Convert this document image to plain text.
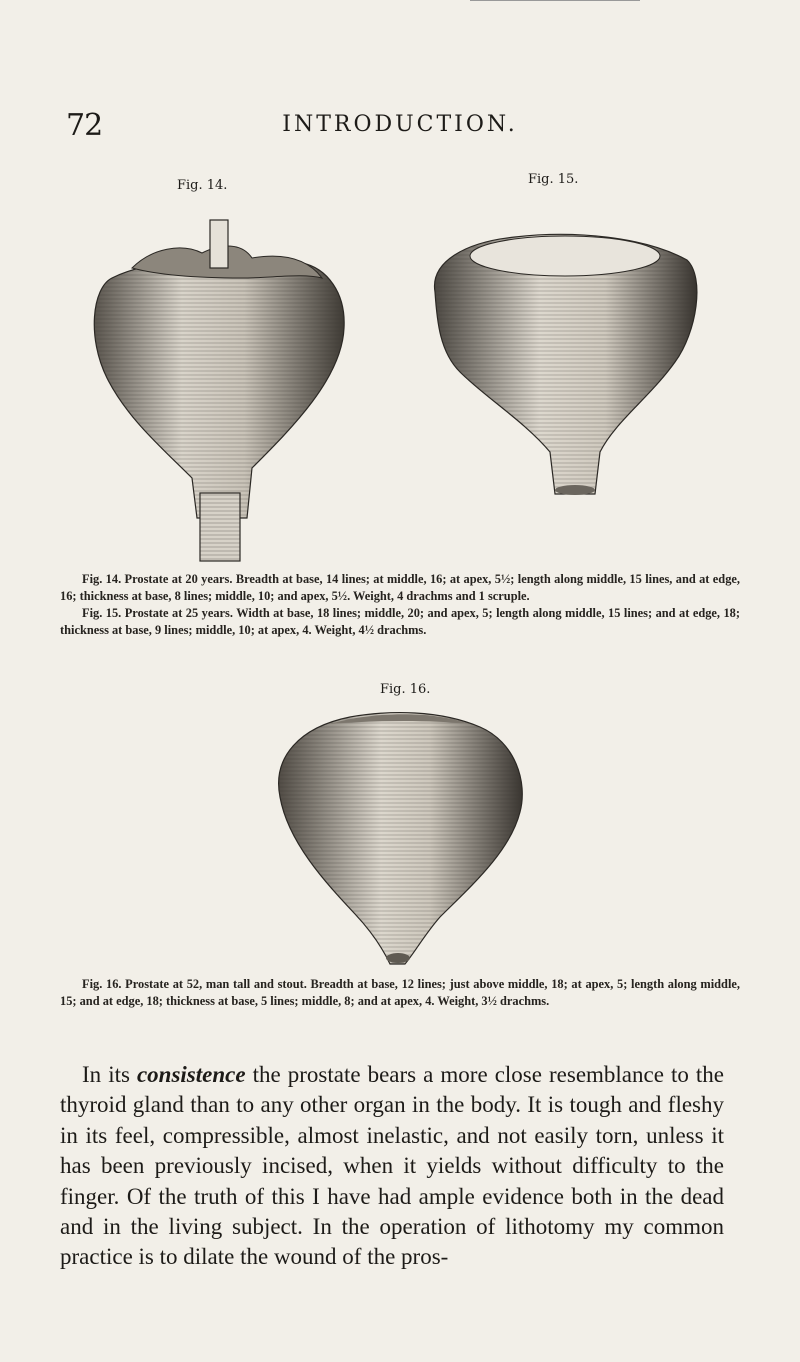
72	INTRODUCTION.
Fig. 14.	Fig. 15.

Fig. 14. Prostate at 20 years. Breadth at base, 14 lines; at middle, 16; at apex, 5½; length along middle, 15 lines, and at edge, 16; thickness at base, 8 lines; middle, 10; and apex, 5½. Weight, 4 drachms and 1 scruple.

Fig. 15. Prostate at 25 years. Width at base, 18 lines; middle, 20; and apex, 5; length along middle, 15 lines; and at edge, 18; thickness at base, 9 lines; middle, 10; at apex, 4. Weight, 4½ drachms.

Fig. 16.

Fig. 16. Prostate at 52, man tall and stout. Breadth at base, 12 lines; just above middle, 18; at apex, 5; length along middle, 15; and at edge, 18; thickness at base, 5 lines; middle, 8; and at apex, 4. Weight, 3½ drachms.

In its consistence the prostate bears a more close resemblance to the thyroid gland than to any other organ in the body. It is tough and fleshy in its feel, compressible, almost inelastic, and not easily torn, unless it has been previously incised, when it yields without difficulty to the finger. Of the truth of this I have had ample evidence both in the dead and in the living subject. In the operation of lithotomy my common practice is to dilate the wound of the pros-
